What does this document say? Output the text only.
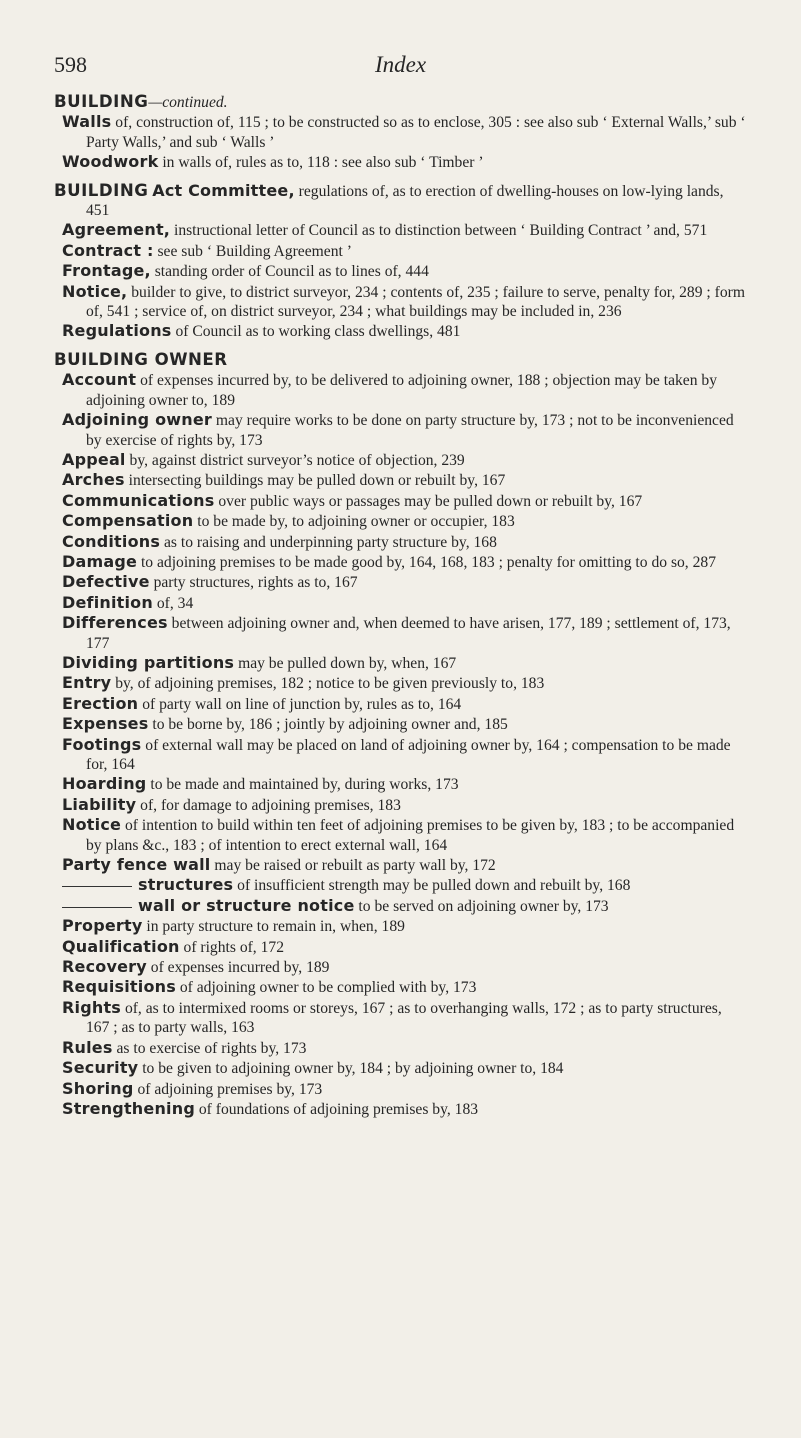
598	Index
BUILDING—continued.
Walls of, construction of, 115 ; to be constructed so as to enclose, 305 : see also sub ‘ External Walls,’ sub ‘ Party Walls,’ and sub ‘ Walls ’
Woodwork in walls of, rules as to, 118 : see also sub ‘ Timber ’
BUILDING Act Committee, regulations of, as to erection of dwelling-houses on low-lying lands, 451
Agreement, instructional letter of Council as to distinction between ‘ Building Contract ’ and, 571
Contract : see sub ‘ Building Agreement ’
Frontage, standing order of Council as to lines of, 444
Notice, builder to give, to district surveyor, 234 ; contents of, 235 ; failure to serve, penalty for, 289 ; form of, 541 ; service of, on district surveyor, 234 ; what buildings may be included in, 236
Regulations of Council as to working class dwellings, 481
BUILDING OWNER
Account of expenses incurred by, to be delivered to adjoining owner, 188 ; objection may be taken by adjoining owner to, 189
Adjoining owner may require works to be done on party structure by, 173 ; not to be inconvenienced by exercise of rights by, 173
Appeal by, against district surveyor’s notice of objection, 239
Arches intersecting buildings may be pulled down or rebuilt by, 167
Communications over public ways or passages may be pulled down or rebuilt by, 167
Compensation to be made by, to adjoining owner or occupier, 183
Conditions as to raising and underpinning party structure by, 168
Damage to adjoining premises to be made good by, 164, 168, 183 ; penalty for omitting to do so, 287
Defective party structures, rights as to, 167
Definition of, 34
Differences between adjoining owner and, when deemed to have arisen, 177, 189 ; settlement of, 173, 177
Dividing partitions may be pulled down by, when, 167
Entry by, of adjoining premises, 182 ; notice to be given previously to, 183
Erection of party wall on line of junction by, rules as to, 164
Expenses to be borne by, 186 ; jointly by adjoining owner and, 185
Footings of external wall may be placed on land of adjoining owner by, 164 ; compensation to be made for, 164
Hoarding to be made and maintained by, during works, 173
Liability of, for damage to adjoining premises, 183
Notice of intention to build within ten feet of adjoining premises to be given by, 183 ; to be accompanied by plans &c., 183 ; of intention to erect external wall, 164
Party fence wall may be raised or rebuilt as party wall by, 172
structures of insufficient strength may be pulled down and rebuilt by, 168
wall or structure notice to be served on adjoining owner by, 173
Property in party structure to remain in, when, 189
Qualification of rights of, 172
Recovery of expenses incurred by, 189
Requisitions of adjoining owner to be complied with by, 173
Rights of, as to intermixed rooms or storeys, 167 ; as to overhanging walls, 172 ; as to party structures, 167 ; as to party walls, 163
Rules as to exercise of rights by, 173
Security to be given to adjoining owner by, 184 ; by adjoining owner to, 184
Shoring of adjoining premises by, 173
Strengthening of foundations of adjoining premises by, 183
